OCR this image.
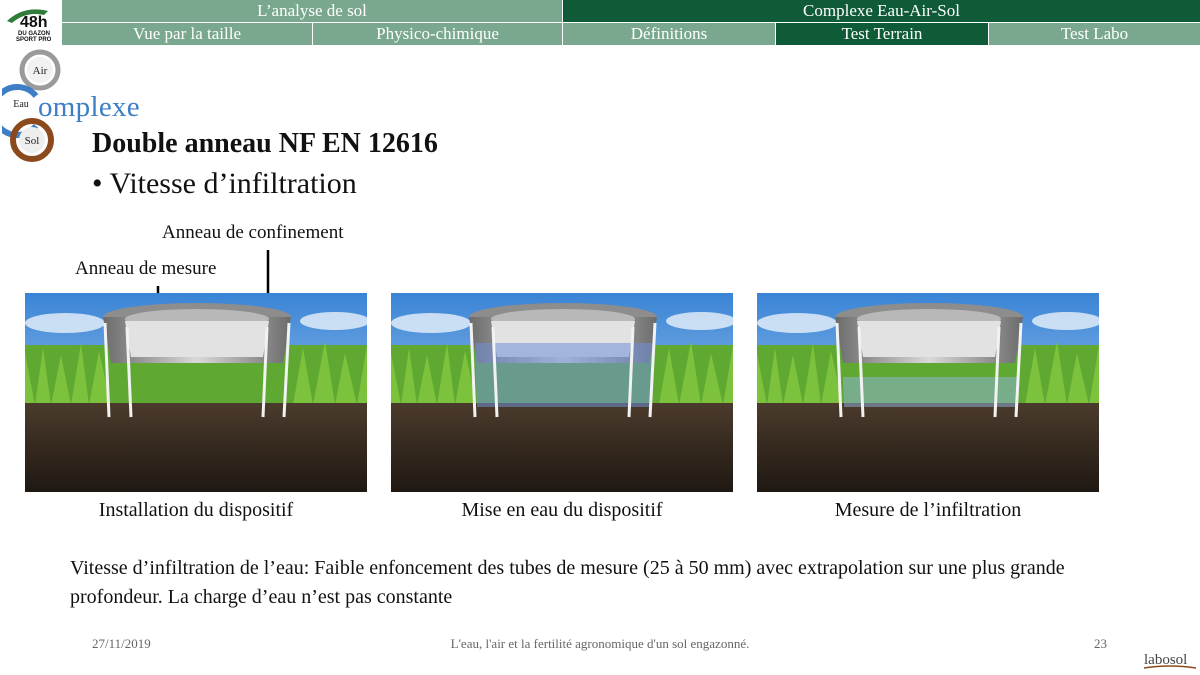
L’analyse de sol	Complexe Eau-Air-Sol
Vue par la taille	Physico-chimique	Définitions	Test Terrain	Test Labo
48h
DU GAZON
SPORT PRO
Air
Eau
Sol
omplexe
Double anneau NF EN 12616
• Vitesse d’infiltration
Anneau de confinement
Anneau de mesure
Installation du dispositif	Mise en eau du dispositif	Mesure de l’infiltration
Vitesse d’infiltration de l’eau: Faible enfoncement des tubes de mesure (25 à 50 mm) avec extrapolation sur une plus grande profondeur. La charge d’eau n’est pas constante
27/11/2019	L'eau, l'air et la fertilité agronomique d'un sol engazonné.	23
labosol
